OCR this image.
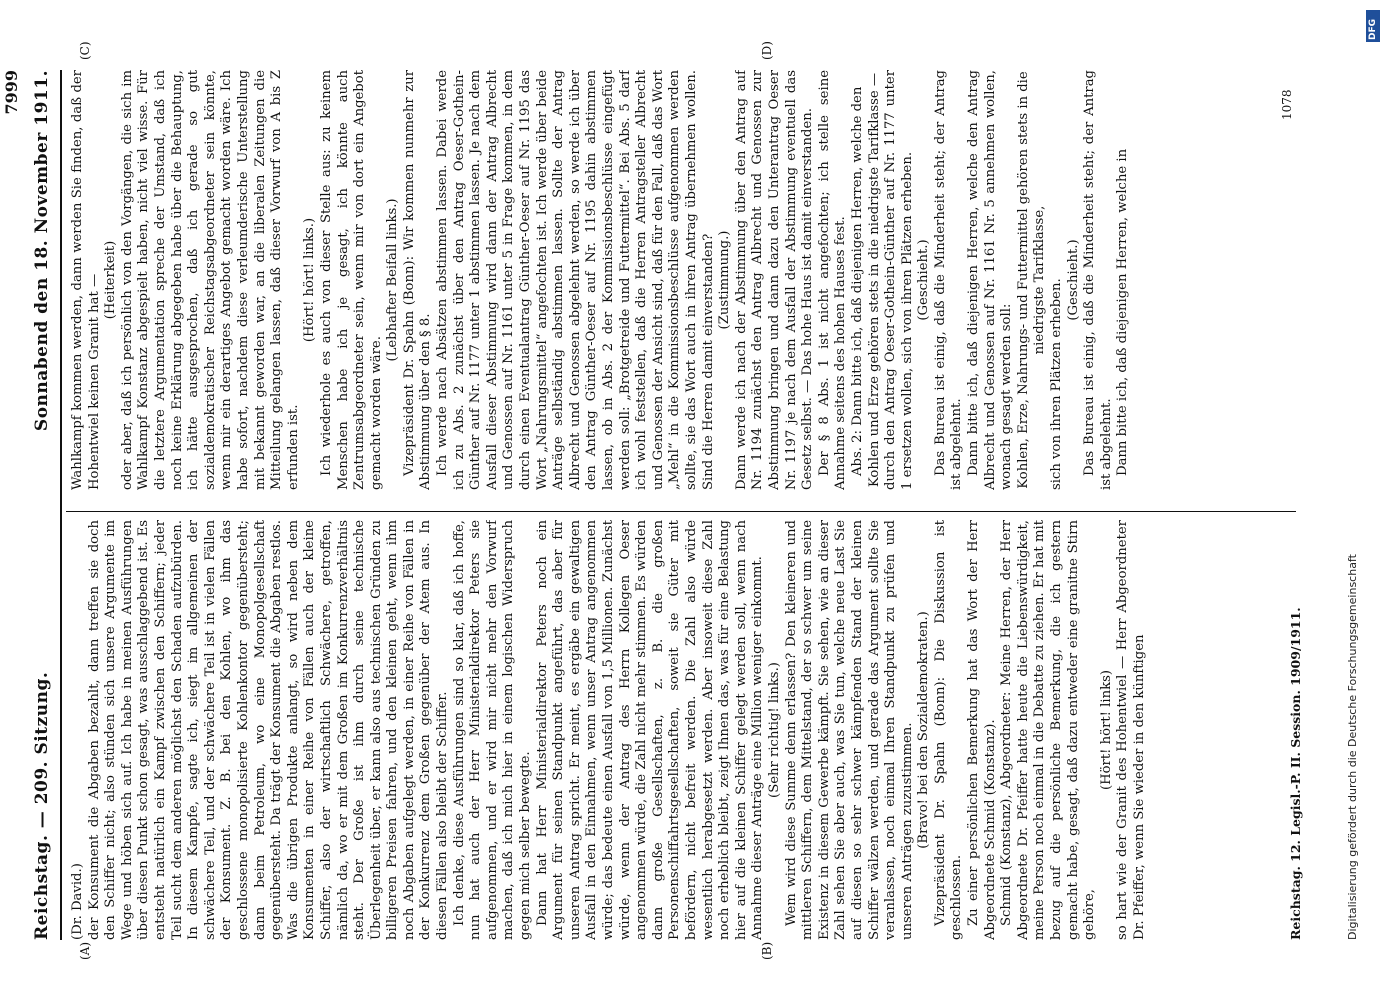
Reichstag. — 209. Sitzung.
Sonnabend den 18. November 1911.
7999
(A)	(B)
(C)	(D)

(Dr. David.) der Konsument die Abgaben bezahlt, dann treffen sie doch den Schiffer nicht; also stünden sich unsere Argumente im Wege und höben sich auf. Ich habe in meinen Ausführungen über diesen Punkt schon gesagt, was ausschlaggebend ist. Es entsteht natürlich ein Kampf zwischen den Schiffern; jeder Teil sucht dem anderen möglichst den Schaden aufzubürden. In diesem Kampfe, sagte ich, siegt im allgemeinen der schwächere Teil, und der schwächere Teil ist in vielen Fällen der Konsument. Z. B. bei den Kohlen, wo ihm das geschlossene monopolisierte Kohlenkontor gegenübersteht; dann beim Petroleum, wo eine Monopolgesellschaft gegenübersteht. Da trägt der Konsument die Abgaben restlos. Was die übrigen Produkte anlangt, so wird neben dem Konsumenten in einer Reihe von Fällen auch der kleine Schiffer, also der wirtschaftlich Schwächere, getroffen, nämlich da, wo er mit dem Großen im Konkurrenzverhältnis steht. Der Große ist ihm durch seine technische Überlegenheit über, er kann also aus technischen Gründen zu billigeren Preisen fahren, und den kleinen geht, wenn ihm noch Abgaben aufgelegt werden, in einer Reihe von Fällen in der Konkurrenz dem Großen gegenüber der Atem aus. In diesen Fällen also bleibt der Schiffer. Ich denke, diese Ausführungen sind so klar, daß ich hoffe, nun hat auch der Herr Ministerialdirektor Peters sie aufgenommen, und er wird mir nicht mehr den Vorwurf machen, daß ich mich hier in einem logischen Widerspruch gegen mich selber bewegte. Dann hat Herr Ministerialdirektor Peters noch ein Argument für seinen Standpunkt angeführt, das aber für unseren Antrag spricht. Er meint, es ergäbe ein gewaltigen Ausfall in den Einnahmen, wenn unser Antrag angenommen würde; das bedeute einen Ausfall von 1,5 Millionen. Zunächst würde, wenn der Antrag des Herrn Kollegen Oeser angenommen würde, die Zahl nicht mehr stimmen. Es würden dann große Gesellschaften, z. B. die großen Personenschiffahrtsgesellschaften, soweit sie Güter mit befördern, nicht befreit werden. Die Zahl also würde wesentlich herabgesetzt werden. Aber insoweit diese Zahl noch erheblich bleibt, zeigt Ihnen das, was für eine Belastung hier auf die kleinen Schiffer gelegt werden soll, wenn nach Annahme dieser Anträge eine Million weniger einkommt. (Sehr richtig! links.) Wem wird diese Summe denn erlassen? Den kleineren und mittleren Schiffern, dem Mittelstand, der so schwer um seine Existenz in diesem Gewerbe kämpft. Sie sehen, wie an dieser Zahl sehen Sie aber auch, was Sie tun, welche neue Last Sie auf diesen so sehr schwer kämpfenden Stand der kleinen Schiffer wälzen werden, und gerade das Argument sollte Sie veranlassen, noch einmal Ihren Standpunkt zu prüfen und unseren Anträgen zuzustimmen. (Bravo! bei den Sozialdemokraten.) Vizepräsident Dr. Spahn (Bonn): Die Diskussion ist geschlossen. Zu einer persönlichen Bemerkung hat das Wort der Herr Abgeordnete Schmid (Konstanz). Schmid (Konstanz), Abgeordneter: Meine Herren, der Herr Abgeordnete Dr. Pfeiffer hatte heute die Liebenswürdigkeit, meine Person noch einmal in die Debatte zu ziehen. Er hat mit bezug auf die persönliche Bemerkung, die ich gestern gemacht habe, gesagt, daß dazu entweder eine granitne Stirn gehöre,

(Hört! hört! links) so hart wie der Granit des Hohentwiel — Herr Abgeordneter Dr. Pfeiffer, wenn Sie wieder in den künftigen

Wahlkampf kommen werden, dann werden Sie finden, daß der Hohentwiel keinen Granit hat — (Heiterkeit) oder aber, daß ich persönlich von den Vorgängen, die sich im Wahlkampf Konstanz abgespielt haben, nicht viel wisse. Für die letztere Argumentation spreche der Umstand, daß ich noch keine Erklärung abgegeben habe über die Behauptung, ich hätte ausgesprochen, daß ich gerade so gut sozialdemokratischer Reichstagsabgeordneter sein könnte, wenn mir ein derartiges Angebot gemacht worden wäre. Ich habe sofort, nachdem diese verleumderische Unterstellung mit bekannt geworden war, an die liberalen Zeitungen die Mitteilung gelangen lassen, daß dieser Vorwurf von A bis Z erfunden ist.

(Hört! hört! links.) Ich wiederhole es auch von dieser Stelle aus: zu keinem Menschen habe ich je gesagt, ich könnte auch Zentrumsabgeordneter sein, wenn mir von dort ein Angebot gemacht worden wäre.

(Lebhafter Beifall links.) Vizepräsident Dr. Spahn (Bonn): Wir kommen nunmehr zur Abstimmung über den § 8. Ich werde nach Absätzen abstimmen lassen. Dabei werde ich zu Abs. 2 zunächst über den Antrag Oeser-Gothein-Günther auf Nr. 1177 unter 1 abstimmen lassen. Je nach dem Ausfall dieser Abstimmung wird dann der Antrag Albrecht und Genossen auf Nr. 1161 unter 5 in Frage kommen, in dem durch einen Eventualantrag Günther-Oeser auf Nr. 1195 das Wort „Nahrungsmittel“ angefochten ist. Ich werde über beide Anträge selbständig abstimmen lassen. Sollte der Antrag Albrecht und Genossen abgelehnt werden, so werde ich über den Antrag Günther-Oeser auf Nr. 1195 dahin abstimmen lassen, ob in Abs. 2 der Kommissionsbeschlüsse eingefügt werden soll: „Brotgetreide und Futtermittel“. Bei Abs. 5 darf ich wohl feststellen, daß die Herren Antragsteller Albrecht und Genossen der Ansicht sind, daß für den Fall, daß das Wort „Mehl“ in die Kommissionsbeschlüsse aufgenommen werden sollte, sie das Wort auch in ihren Antrag übernehmen wollen. Sind die Herren damit einverstanden? (Zustimmung.) Dann werde ich nach der Abstimmung über den Antrag auf Nr. 1194 zunächst den Antrag Albrecht und Genossen zur Abstimmung bringen und dann dazu den Unterantrag Oeser Nr. 1197 je nach dem Ausfall der Abstimmung eventuell das Gesetz selbst. — Das hohe Haus ist damit einverstanden. Der § 8 Abs. 1 ist nicht angefochten; ich stelle seine Annahme seitens des hohen Hauses fest. Abs. 2: Dann bitte ich, daß diejenigen Herren, welche den Kohlen und Erze gehören stets in die niedrigste Tarifklasse — durch den Antrag Oeser-Gothein-Günther auf Nr. 1177 unter 1 ersetzen wollen, sich von ihren Plätzen erheben. (Geschieht.) Das Bureau ist einig, daß die Minderheit steht; der Antrag ist abgelehnt. Dann bitte ich, daß diejenigen Herren, welche den Antrag Albrecht und Genossen auf Nr. 1161 Nr. 5 annehmen wollen, wonach gesagt werden soll: Kohlen, Erze, Nahrungs- und Futtermittel gehören stets in die niedrigste Tarifklasse, sich von ihren Plätzen erheben. (Geschieht.) Das Bureau ist einig, daß die Minderheit steht; der Antrag ist abgelehnt. Dann bitte ich, daß diejenigen Herren, welche in

Reichstag. 12. Legisl.-P. II. Session. 1909/1911.
1078
Digitalisierung gefördert durch die Deutsche Forschungsgemeinschaft
DFG
